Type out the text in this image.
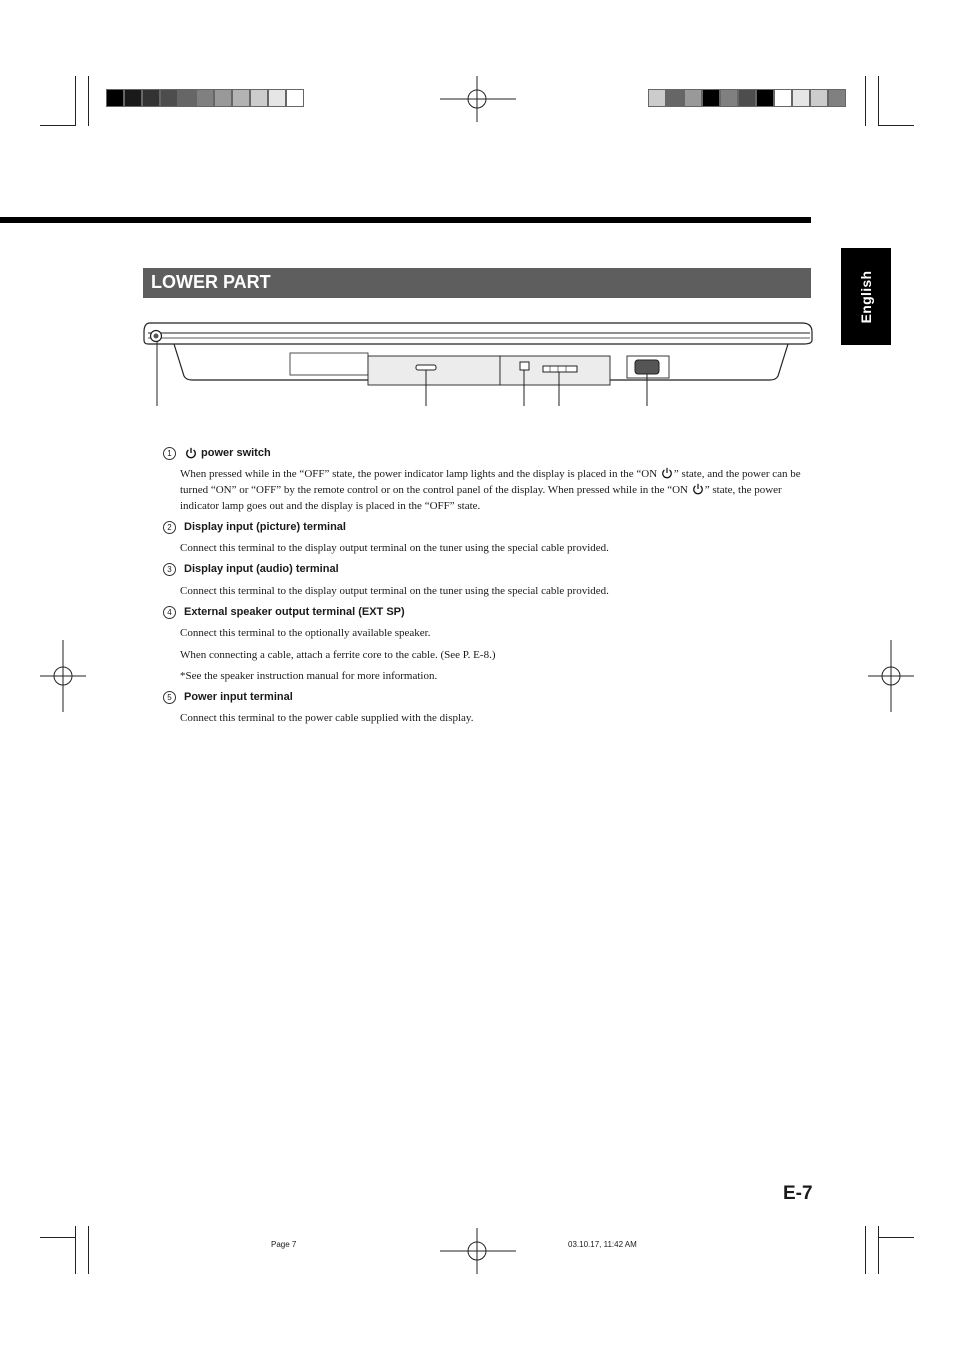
English
LOWER PART
1	power switch
When pressed while in the “OFF” state, the power indicator lamp lights and the display is placed in the “ON ” state, and the power can be turned “ON” or “OFF” by the remote control or on the control panel of the display. When pressed while in the “ON ” state, the power indicator lamp goes out and the display is placed in the “OFF” state.
2	Display input (picture) terminal
Connect this terminal to the display output terminal on the tuner using the special cable provided.
3	Display input (audio) terminal
Connect this terminal to the display output terminal on the tuner using the special cable provided.
4	External speaker output terminal (EXT SP)
Connect this terminal to the optionally available speaker.
When connecting a cable, attach a ferrite core to the cable. (See P. E-8.)
*See the speaker instruction manual for more information.
5	Power input terminal
Connect this terminal to the power cable supplied with the display.
E-7
Page 7	03.10.17, 11:42 AM
